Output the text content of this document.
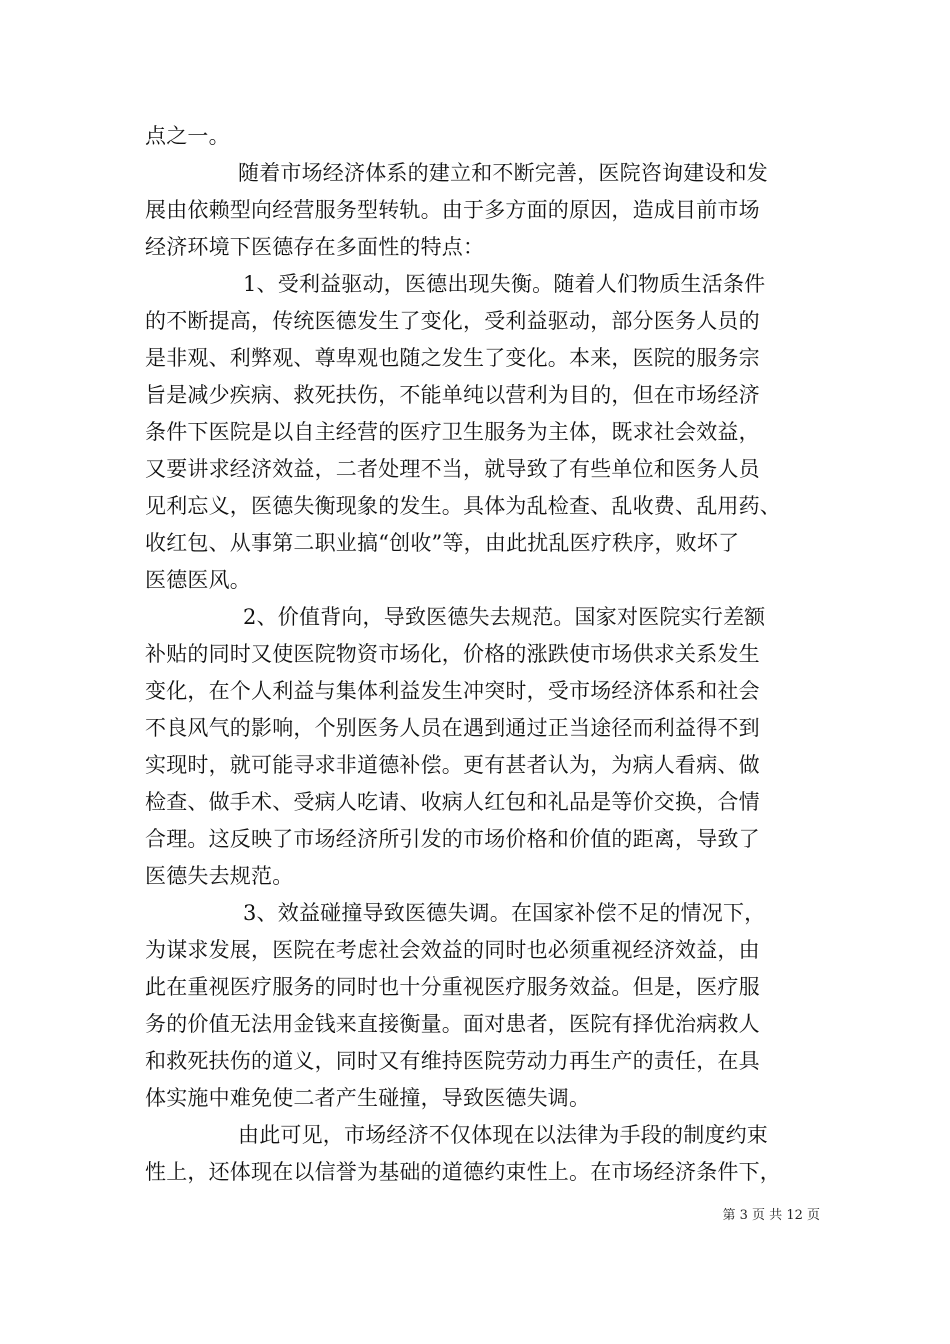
点之一。
随着市场经济体系的建立和不断完善，医院咨询建设和发
展由依赖型向经营服务型转轨。由于多方面的原因，造成目前市场
经济环境下医德存在多面性的特点：
1、受利益驱动，医德出现失衡。随着人们物质生活条件
的不断提高，传统医德发生了变化，受利益驱动，部分医务人员的
是非观、利弊观、尊卑观也随之发生了变化。本来，医院的服务宗
旨是减少疾病、救死扶伤，不能单纯以营利为目的，但在市场经济
条件下医院是以自主经营的医疗卫生服务为主体，既求社会效益，
又要讲求经济效益，二者处理不当，就导致了有些单位和医务人员
见利忘义，医德失衡现象的发生。具体为乱检查、乱收费、乱用药、
收红包、从事第二职业搞“创收”等，由此扰乱医疗秩序，败坏了
医德医风。
2、价值背向，导致医德失去规范。国家对医院实行差额
补贴的同时又使医院物资市场化，价格的涨跌使市场供求关系发生
变化，在个人利益与集体利益发生冲突时，受市场经济体系和社会
不良风气的影响，个别医务人员在遇到通过正当途径而利益得不到
实现时，就可能寻求非道德补偿。更有甚者认为，为病人看病、做
检查、做手术、受病人吃请、收病人红包和礼品是等价交换，合情
合理。这反映了市场经济所引发的市场价格和价值的距离，导致了
医德失去规范。
3、效益碰撞导致医德失调。在国家补偿不足的情况下，
为谋求发展，医院在考虑社会效益的同时也必须重视经济效益，由
此在重视医疗服务的同时也十分重视医疗服务效益。但是，医疗服
务的价值无法用金钱来直接衡量。面对患者，医院有择优治病救人
和救死扶伤的道义，同时又有维持医院劳动力再生产的责任，在具
体实施中难免使二者产生碰撞，导致医德失调。
由此可见，市场经济不仅体现在以法律为手段的制度约束
性上，还体现在以信誉为基础的道德约束性上。在市场经济条件下，
第 3 页 共 12 页
